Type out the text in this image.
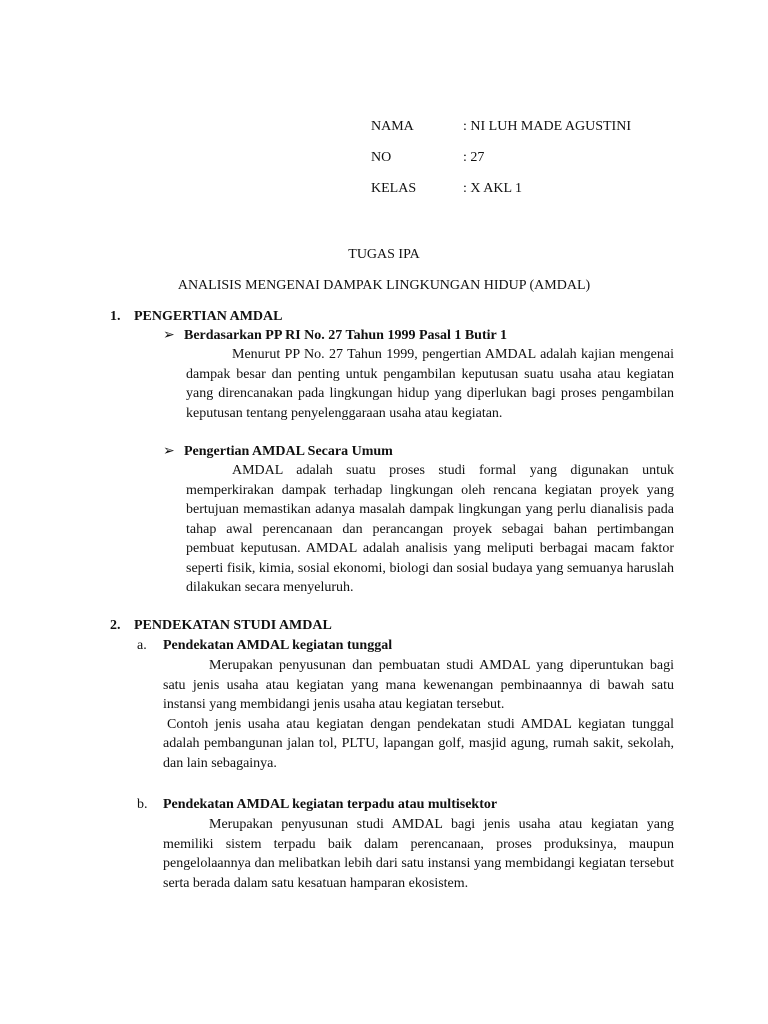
NAMA	: NI LUH MADE AGUSTINI
NO	: 27
KELAS	: X AKL 1
TUGAS IPA
ANALISIS MENGENAI DAMPAK LINGKUNGAN HIDUP (AMDAL)
1. PENGERTIAN AMDAL
➢ Berdasarkan PP RI No. 27 Tahun 1999 Pasal 1 Butir 1

Menurut PP No. 27 Tahun 1999, pengertian AMDAL adalah kajian mengenai dampak besar dan penting untuk pengambilan keputusan suatu usaha atau kegiatan yang direncanakan pada lingkungan hidup yang diperlukan bagi proses pengambilan keputusan tentang penyelenggaraan usaha atau kegiatan.

➢ Pengertian AMDAL Secara Umum

AMDAL adalah suatu proses studi formal yang digunakan untuk memperkirakan dampak terhadap lingkungan oleh rencana kegiatan proyek yang bertujuan memastikan adanya masalah dampak lingkungan yang perlu dianalisis pada tahap awal perencanaan dan perancangan proyek sebagai bahan pertimbangan pembuat keputusan. AMDAL adalah analisis yang meliputi berbagai macam faktor seperti fisik, kimia, sosial ekonomi, biologi dan sosial budaya yang semuanya haruslah dilakukan secara menyeluruh.

2. PENDEKATAN STUDI AMDAL
a. Pendekatan AMDAL kegiatan tunggal

Merupakan penyusunan dan pembuatan studi AMDAL yang diperuntukan bagi satu jenis usaha atau kegiatan yang mana kewenangan pembinaannya di bawah satu instansi yang membidangi jenis usaha atau kegiatan tersebut.

Contoh jenis usaha atau kegiatan dengan pendekatan studi AMDAL kegiatan tunggal adalah pembangunan jalan tol, PLTU, lapangan golf, masjid agung, rumah sakit, sekolah, dan lain sebagainya.

b. Pendekatan AMDAL kegiatan terpadu atau multisektor

Merupakan penyusunan studi AMDAL bagi jenis usaha atau kegiatan yang memiliki sistem terpadu baik dalam perencanaan, proses produksinya, maupun pengelolaannya dan melibatkan lebih dari satu instansi yang membidangi kegiatan tersebut serta berada dalam satu kesatuan hamparan ekosistem.
